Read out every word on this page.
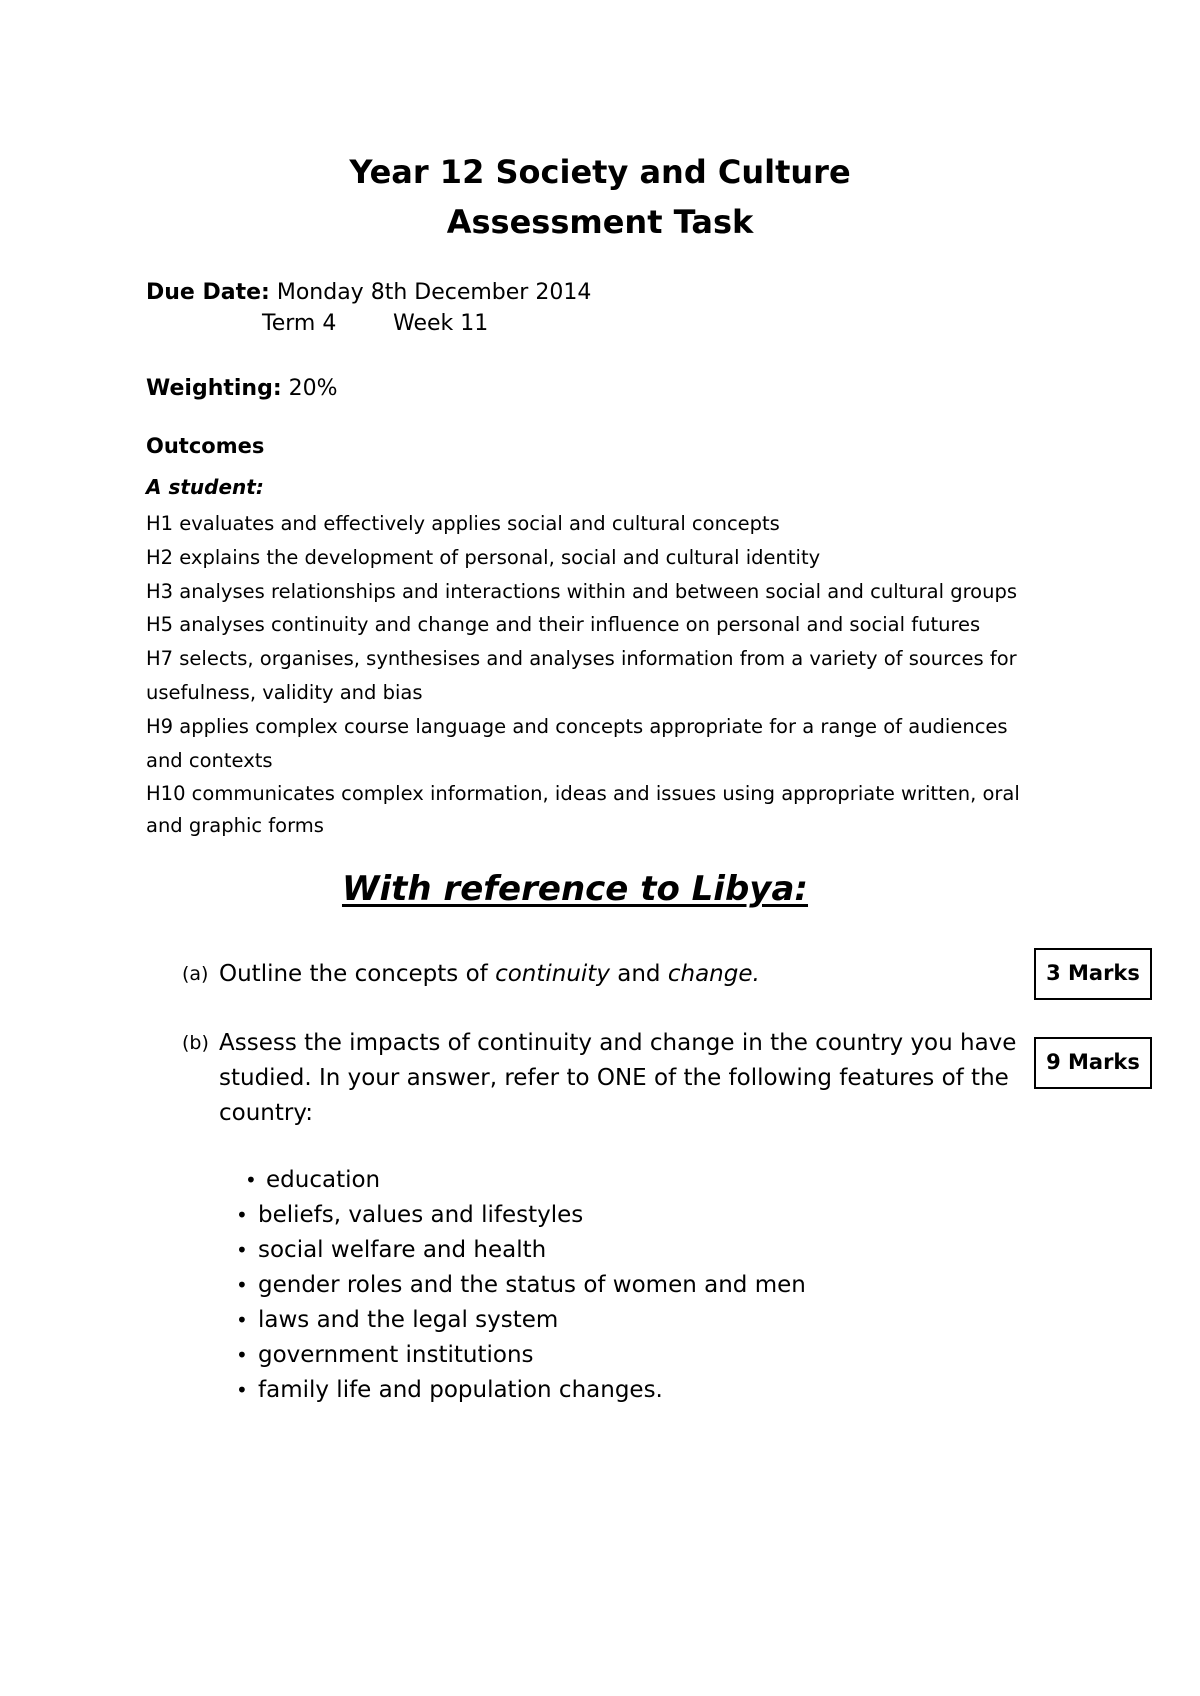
Year 12 Society and Culture
Assessment Task
Due Date: Monday 8th December 2014
Term 4	Week 11
Weighting: 20%
Outcomes
A student:
H1 evaluates and effectively applies social and cultural concepts
H2 explains the development of personal, social and cultural identity
H3 analyses relationships and interactions within and between social and cultural groups
H5 analyses continuity and change and their influence on personal and social futures
H7 selects, organises, synthesises and analyses information from a variety of sources for
usefulness, validity and bias
H9 applies complex course language and concepts appropriate for a range of audiences
and contexts
H10 communicates complex information, ideas and issues using appropriate written, oral
and graphic forms
With reference to Libya:
(a) Outline the concepts of continuity and change.	3 Marks
(b) Assess the impacts of continuity and change in the country you have studied. In your answer, refer to ONE of the following features of the country:
9 Marks
• education
• beliefs, values and lifestyles
• social welfare and health
• gender roles and the status of women and men
• laws and the legal system
• government institutions
• family life and population changes.
